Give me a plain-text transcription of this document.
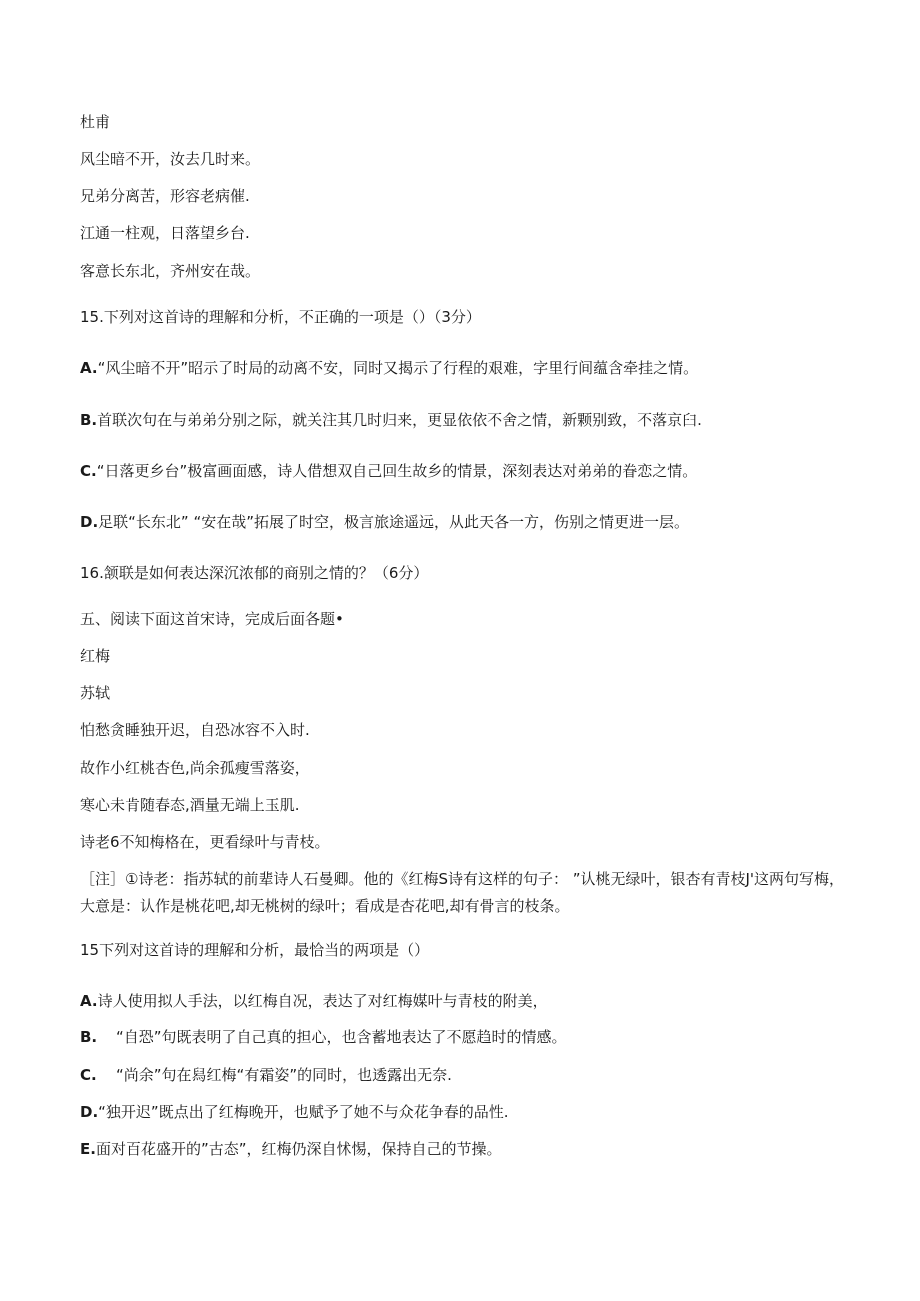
杜甫
风尘暗不开，汝去几时来。
兄弟分离苦，形容老病催.
江通一柱观，日落望乡台.
客意长东北，齐州安在哉。
15.下列对这首诗的理解和分析，不正确的一项是（）（3分）
A.“风尘暗不开”昭示了时局的动离不安，同时又揭示了行程的艰难，字里行间蕴含牵挂之情。
B.首联次句在与弟弟分别之际，就关注其几时归来，更显依依不舍之情，新颗别致，不落京臼.
C.“日落更乡台”极富画面感，诗人借想双自己回生故乡的情景，深刻表达对弟弟的眷恋之情。
D.足联“长东北” “安在哉”拓展了时空，极言旅途遥远，从此天各一方，伤别之情更进一层。
16.颔联是如何表达深沉浓郁的商别之情的？（6分）
五、阅读下面这首宋诗，完成后面各题•
红梅
苏轼
怕愁贪睡独开迟，自恐冰容不入时.
故作小红桃杏色,尚余孤瘦雪落姿，
寒心未肯随春态,酒量无端上玉肌.
诗老6不知梅格在，更看绿叶与青枝。
［注］①诗老：指苏轼的前辈诗人石曼卿。他的《红梅S诗有这样的句子： ”认桃无绿叶，银杏有青枝J'这两句写梅，大意是：认作是桃花吧,却无桃树的绿叶；看成是杏花吧,却有骨言的枝条。
15下列对这首诗的理解和分析，最恰当的两项是（）
A.诗人使用拟人手法，以红梅自况，表达了对红梅媒叶与青枝的附美，
B. “自恐”句既表明了自己真的担心，也含蓄地表达了不愿趋时的情感。
C. “尚余”句在舄红梅“有霜姿”的同时，也透露出无奈.
D.“独开迟”既点出了红梅晚开，也赋予了她不与众花争春的品性.
E.面对百花盛开的”古态”，红梅仍深自怵惕，保持自己的节操。
